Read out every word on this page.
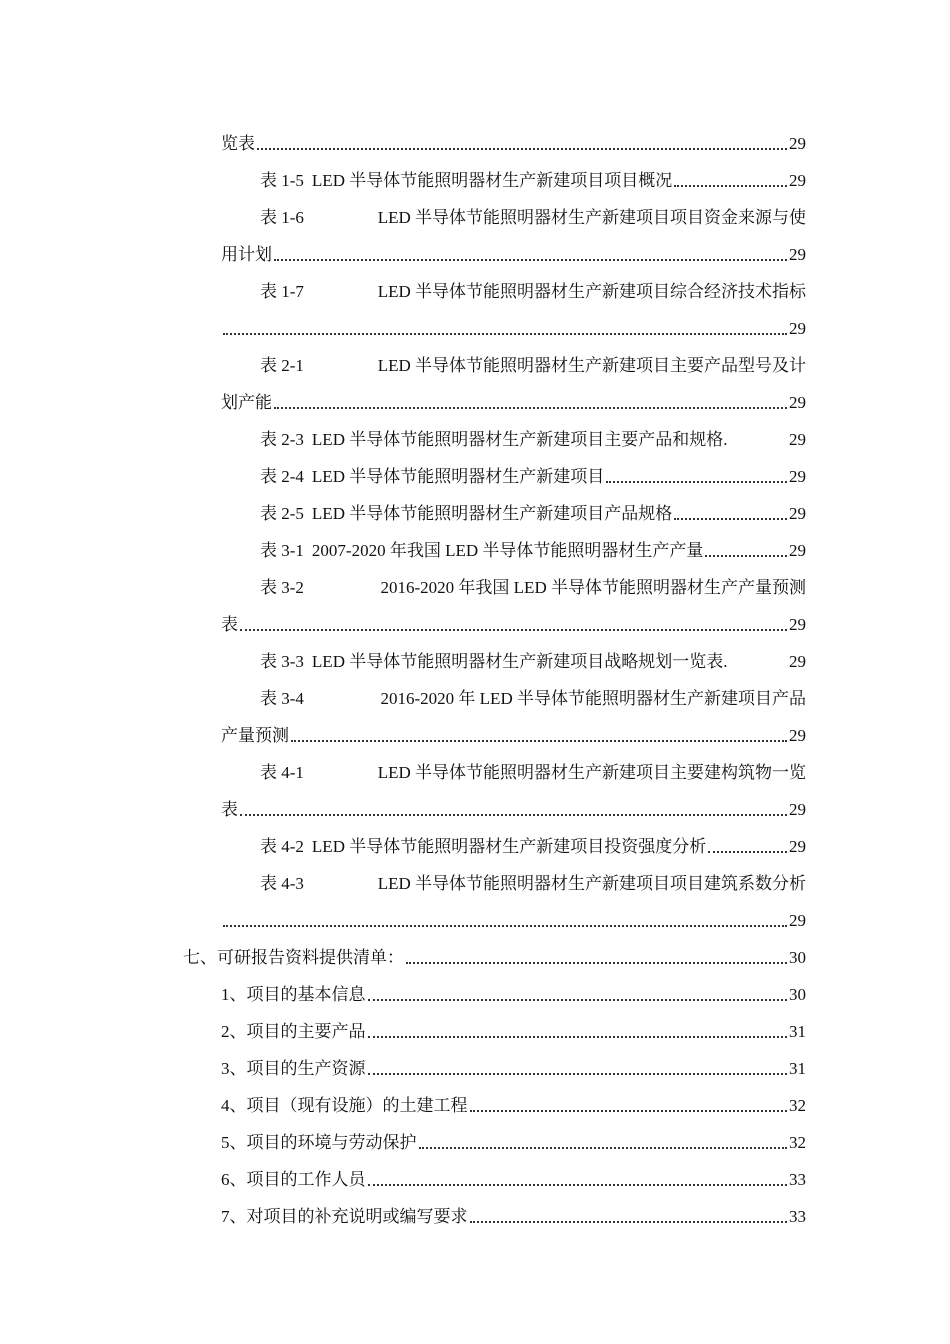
览表	29
表 1-5 LED 半导体节能照明器材生产新建项目项目概况	29
表 1-6	LED 半导体节能照明器材生产新建项目项目资金来源与使
用计划	29
表 1-7	LED 半导体节能照明器材生产新建项目综合经济技术指标
29
表 2-1	LED 半导体节能照明器材生产新建项目主要产品型号及计
划产能	29
表 2-3 LED 半导体节能照明器材生产新建项目主要产品和规格.	29
表 2-4 LED 半导体节能照明器材生产新建项目	29
表 2-5 LED 半导体节能照明器材生产新建项目产品规格	29
表 3-1 2007-2020 年我国 LED 半导体节能照明器材生产产量	29
表 3-2	2016-2020 年我国 LED 半导体节能照明器材生产产量预测
表	29
表 3-3 LED 半导体节能照明器材生产新建项目战略规划一览表.	29
表 3-4	2016-2020 年 LED 半导体节能照明器材生产新建项目产品
产量预测	29
表 4-1	LED 半导体节能照明器材生产新建项目主要建构筑物一览
表	29
表 4-2 LED 半导体节能照明器材生产新建项目投资强度分析	29
表 4-3	LED 半导体节能照明器材生产新建项目项目建筑系数分析
29
七、可研报告资料提供清单：	30
1、项目的基本信息	30
2、项目的主要产品	31
3、项目的生产资源	31
4、项目（现有设施）的土建工程	32
5、项目的环境与劳动保护	32
6、项目的工作人员	33
7、对项目的补充说明或编写要求	33
